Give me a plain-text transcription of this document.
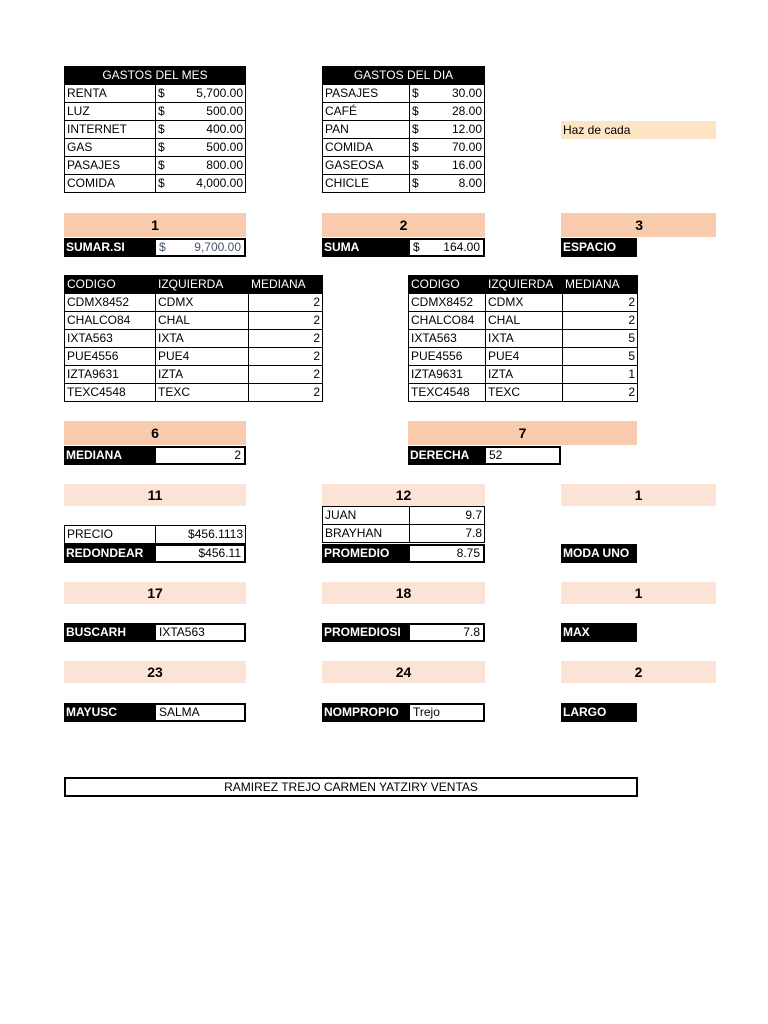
GASTOS DEL MES
RENTA	$	5,700.00
LUZ	$	500.00
INTERNET	$	400.00
GAS	$	500.00
PASAJES	$	800.00
COMIDA	$	4,000.00
GASTOS DEL DIA
PASAJES	$	30.00
CAFÉ	$	28.00
PAN	$	12.00
COMIDA	$	70.00
GASEOSA	$	16.00
CHICLE	$	8.00
Haz de cada
1	2	3
SUMAR.SI	$ 9,700.00	SUMA	$ 164.00	ESPACIO
CODIGO	IZQUIERDA	MEDIANA
CDMX8452	CDMX	2
CHALCO84	CHAL	2
IXTA563	IXTA	2
PUE4556	PUE4	2
IZTA9631	IZTA	2
TEXC4548	TEXC	2
CODIGO	IZQUIERDA	MEDIANA
CDMX8452	CDMX	2
CHALCO84	CHAL	2
IXTA563	IXTA	5
PUE4556	PUE4	5
IZTA9631	IZTA	1
TEXC4548	TEXC	2
6	7
MEDIANA	2	DERECHA	52
11	12	1
JUAN	9.7
BRAYHAN	7.8
PRECIO	$456.1113
REDONDEAR	$456.11	PROMEDIO	8.75	MODA UNO
17	18	1
BUSCARH	IXTA563	PROMEDIOSI	7.8	MAX
23	24	2
MAYUSC	SALMA	NOMPROPIO	Trejo	LARGO
RAMIREZ TREJO CARMEN YATZIRY VENTAS
